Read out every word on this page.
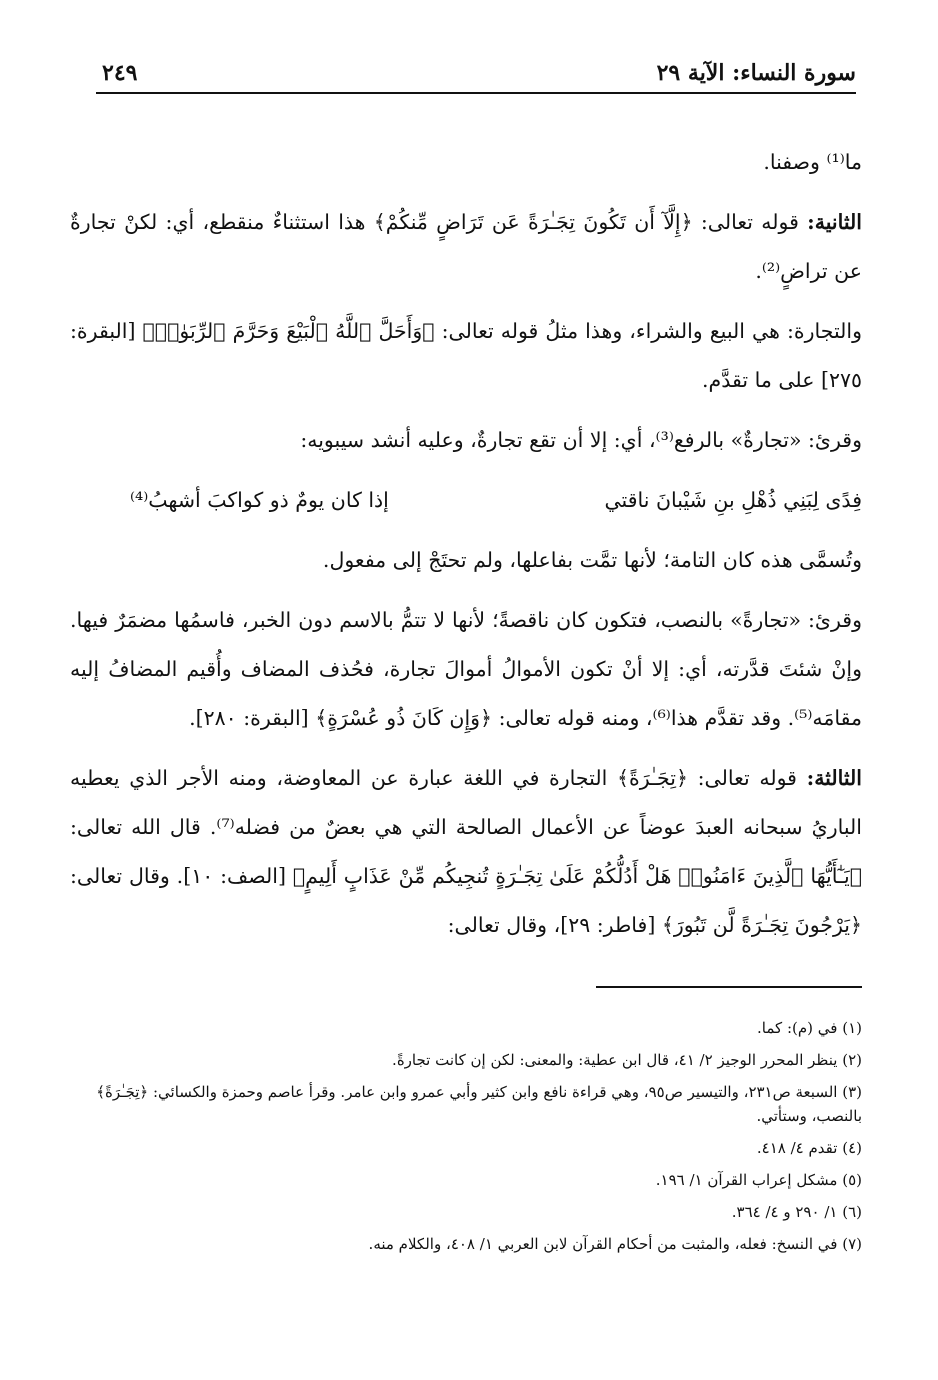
سورة النساء: الآية ٢٩
٢٤٩

ما⁽¹⁾ وصفنا.

الثانية: قوله تعالى: ﴿إِلَّآ أَن تَكُونَ تِجَـٰرَةً عَن تَرَاضٍ مِّنكُمْ﴾ هذا استثناءٌ منقطع، أي: لكنْ تجارةٌ عن تراضٍ⁽²⁾.

والتجارة: هي البيع والشراء، وهذا مثلُ قوله تعالى: ﴿وَأَحَلَّ ٱللَّهُ ٱلْبَيْعَ وَحَرَّمَ ٱلرِّبَوٰا۟﴾ [البقرة: ٢٧٥] على ما تقدَّم.

وقرئ: «تجارةٌ» بالرفع⁽³⁾، أي: إلا أن تقع تجارةٌ، وعليه أنشد سيبويه:

فِدًى لِبَنِي ذُهْلِ بنِ شَيْبانَ ناقتي
إذا كان يومٌ ذو كواكبَ أشهبُ⁽⁴⁾

وتُسمَّى هذه كان التامة؛ لأنها تمَّت بفاعلها، ولم تحتَجْ إلى مفعول.

وقرئ: «تجارةً» بالنصب، فتكون كان ناقصةً؛ لأنها لا تتمُّ بالاسم دون الخبر، فاسمُها مضمَرٌ فيها. وإنْ شئتَ قدَّرته، أي: إلا أنْ تكون الأموالُ أموالَ تجارة، فحُذف المضاف وأُقيم المضافُ إليه مقامَه⁽⁵⁾. وقد تقدَّم هذا⁽⁶⁾، ومنه قوله تعالى: ﴿وَإِن كَانَ ذُو عُسْرَةٍ﴾ [البقرة: ٢٨٠].

الثالثة: قوله تعالى: ﴿تِجَـٰرَةً﴾ التجارة في اللغة عبارة عن المعاوضة، ومنه الأجر الذي يعطيه الباريُ سبحانه العبدَ عوضاً عن الأعمال الصالحة التي هي بعضٌ من فضله⁽⁷⁾. قال الله تعالى: ﴿يَـٰٓأَيُّهَا ٱلَّذِينَ ءَامَنُوا۟ هَلْ أَدُلُّكُمْ عَلَىٰ تِجَـٰرَةٍ تُنجِيكُم مِّنْ عَذَابٍ أَلِيمٍ﴾ [الصف: ١٠]. وقال تعالى: ﴿يَرْجُونَ تِجَـٰرَةً لَّن تَبُورَ﴾ [فاطر: ٢٩]، وقال تعالى:

(١) في (م): كما.
(٢) ينظر المحرر الوجيز ٢/ ٤١، قال ابن عطية: والمعنى: لكن إن كانت تجارةً.
(٣) السبعة ص٢٣١، والتيسير ص٩٥، وهي قراءة نافع وابن كثير وأبي عمرو وابن عامر. وقرأ عاصم وحمزة والكسائي: ﴿تِجَـٰرَةً﴾ بالنصب، وستأتي.
(٤) تقدم ٤/ ٤١٨.
(٥) مشكل إعراب القرآن ١/ ١٩٦.
(٦) ١/ ٢٩٠ و ٤/ ٣٦٤.
(٧) في النسخ: فعله، والمثبت من أحكام القرآن لابن العربي ١/ ٤٠٨، والكلام منه.
